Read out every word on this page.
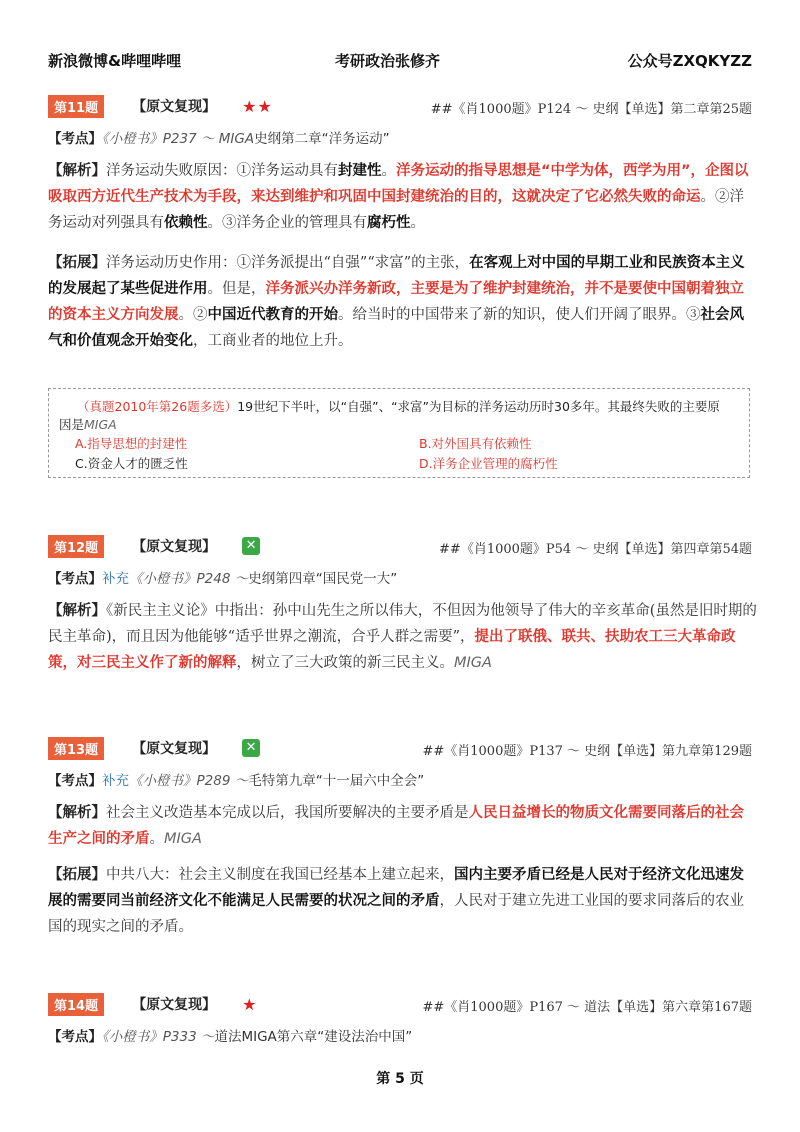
新浪微博&哔哩哔哩	考研政治张修齐	公众号ZXQKYZZ
第11题	【原文复现】 ★★	##《肖1000题》P124 ～ 史纲【单选】第二章第25题
【考点】《小橙书》P237 ～ MIGA史纲第二章“洋务运动”
【解析】洋务运动失败原因：①洋务运动具有封建性。洋务运动的指导思想是“中学为体，西学为用”，企图以吸取西方近代生产技术为手段，来达到维护和巩固中国封建统治的目的，这就决定了它必然失败的命运。②洋务运动对列强具有依赖性。③洋务企业的管理具有腐朽性。
【拓展】洋务运动历史作用：①洋务派提出“自强”“求富”的主张，在客观上对中国的早期工业和民族资本主义的发展起了某些促进作用。但是，洋务派兴办洋务新政，主要是为了维护封建统治，并不是要使中国朝着独立的资本主义方向发展。②中国近代教育的开始。给当时的中国带来了新的知识，使人们开阔了眼界。③社会风气和价值观念开始变化，工商业者的地位上升。
（真题2010年第26题多选）19世纪下半叶，以“自强”、“求富”为目标的洋务运动历时30多年。其最终失败的主要原
因是MIGA
A.指导思想的封建性	B.对外国具有依赖性
C.资金人才的匮乏性	D.洋务企业管理的腐朽性
第12题	【原文复现】 ✕	##《肖1000题》P54 ～ 史纲【单选】第四章第54题
【考点】补充《小橙书》P248 ～史纲第四章“国民党一大”
【解析】《新民主主义论》中指出：孙中山先生之所以伟大，不但因为他领导了伟大的辛亥革命(虽然是旧时期的民主革命)，而且因为他能够“适乎世界之潮流，合乎人群之需要”，提出了联俄、联共、扶助农工三大革命政策，对三民主义作了新的解释，树立了三大政策的新三民主义。MIGA
第13题	【原文复现】 ✕	##《肖1000题》P137 ～ 史纲【单选】第九章第129题
【考点】补充《小橙书》P289 ～毛特第九章“十一届六中全会”
【解析】社会主义改造基本完成以后，我国所要解决的主要矛盾是人民日益增长的物质文化需要同落后的社会生产之间的矛盾。MIGA
【拓展】中共八大：社会主义制度在我国已经基本上建立起来，国内主要矛盾已经是人民对于经济文化迅速发展的需要同当前经济文化不能满足人民需要的状况之间的矛盾，人民对于建立先进工业国的要求同落后的农业国的现实之间的矛盾。
第14题	【原文复现】 ★	##《肖1000题》P167 ～ 道法【单选】第六章第167题
【考点】《小橙书》P333 ～道法MIGA第六章“建设法治中国”
第 5 页
